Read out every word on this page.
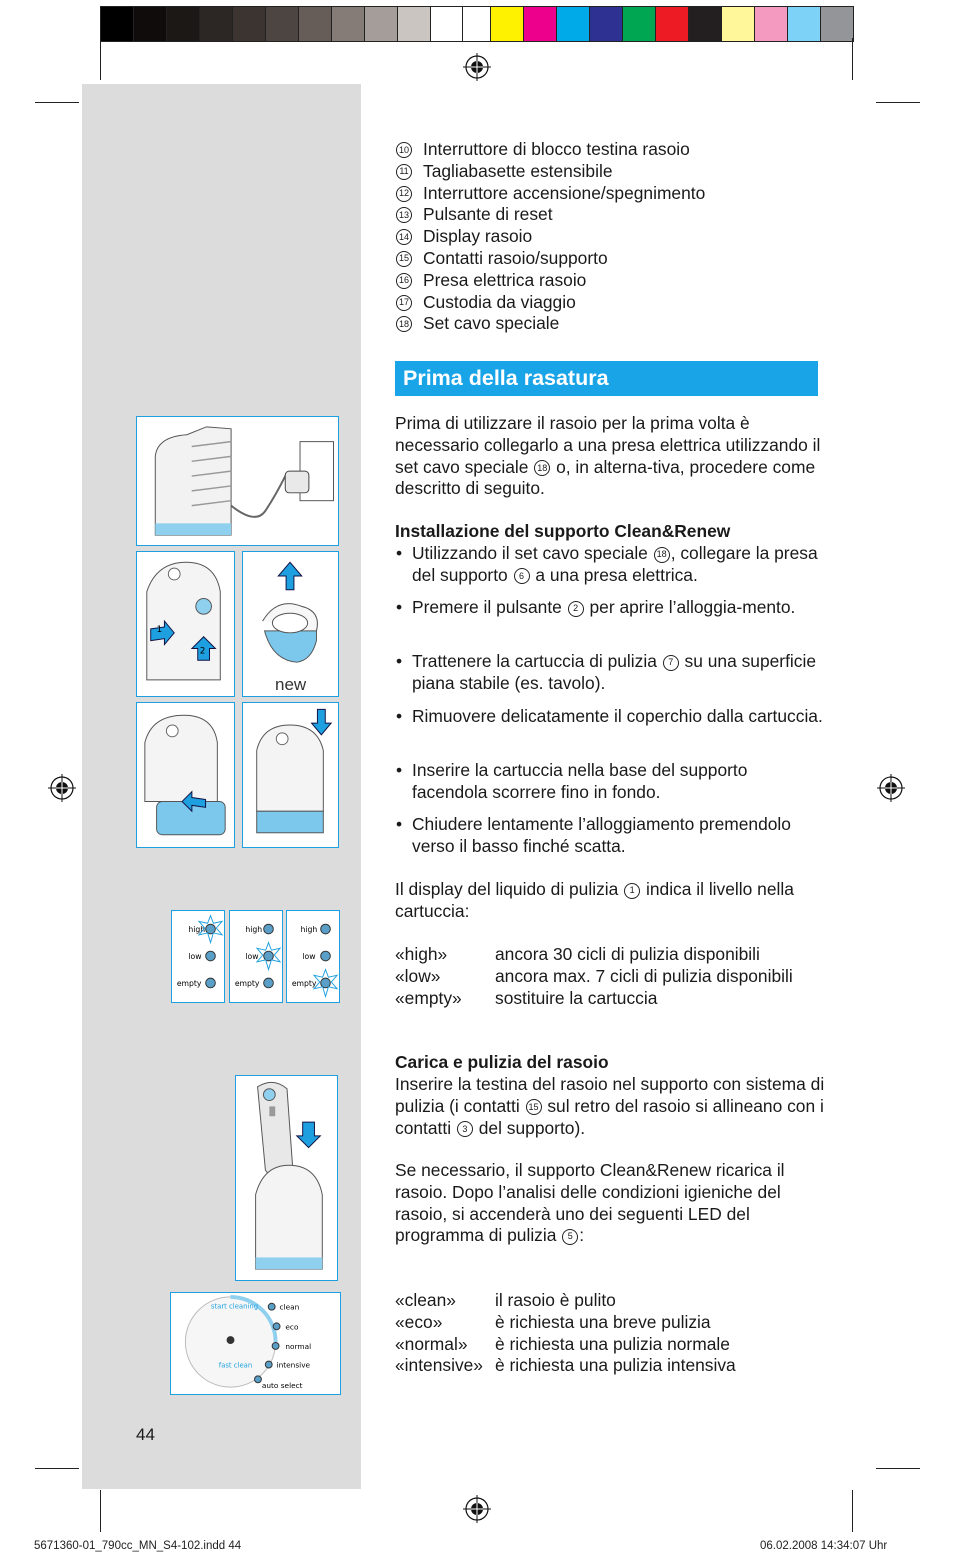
1
2
new
high
low
empty
high
low
empty
high
low
empty
start cleaning
fast clean
clean
eco
normal
intensive
auto select
44
10 Interruttore di blocco testina rasoio
11 Tagliabasette estensibile
12 Interruttore accensione/spegnimento
13 Pulsante di reset
14 Display rasoio
15 Contatti rasoio/supporto
16 Presa elettrica rasoio
17 Custodia da viaggio
18 Set cavo speciale
Prima della rasatura

Prima di utilizzare il rasoio per la prima volta è necessario collegarlo a una presa elettrica utilizzando il set cavo speciale 18 o, in alterna-tiva, procedere come descritto di seguito.

Installazione del supporto Clean&Renew

• Utilizzando il set cavo speciale 18 , collegare la presa del supporto 6 a una presa elettrica.
• Premere il pulsante 2 per aprire l’alloggia-mento.
• Trattenere la cartuccia di pulizia 7 su una superficie piana stabile (es. tavolo).
• Rimuovere delicatamente il coperchio dalla cartuccia.
• Inserire la cartuccia nella base del supporto facendola scorrere fino in fondo.
• Chiudere lentamente l’alloggiamento premendolo verso il basso finché scatta.

Il display del liquido di pulizia 1 indica il livello nella cartuccia:

«high»	ancora 30 cicli di pulizia disponibili
«low»	ancora max. 7 cicli di pulizia disponibili
«empty»	sostituire la cartuccia

Carica e pulizia del rasoio

Inserire la testina del rasoio nel supporto con sistema di pulizia (i contatti 15 sul retro del rasoio si allineano con i contatti 3 del supporto).

Se necessario, il supporto Clean&Renew ricarica il rasoio. Dopo l’analisi delle condizioni igieniche del rasoio, si accenderà uno dei seguenti LED del programma di pulizia 5 :

«clean»	il rasoio è pulito
«eco»	è richiesta una breve pulizia
«normal»	è richiesta una pulizia normale
«intensive» è richiesta una pulizia intensiva
5671360-01_790cc_MN_S4-102.indd 44	06.02.2008 14:34:07 Uhr
